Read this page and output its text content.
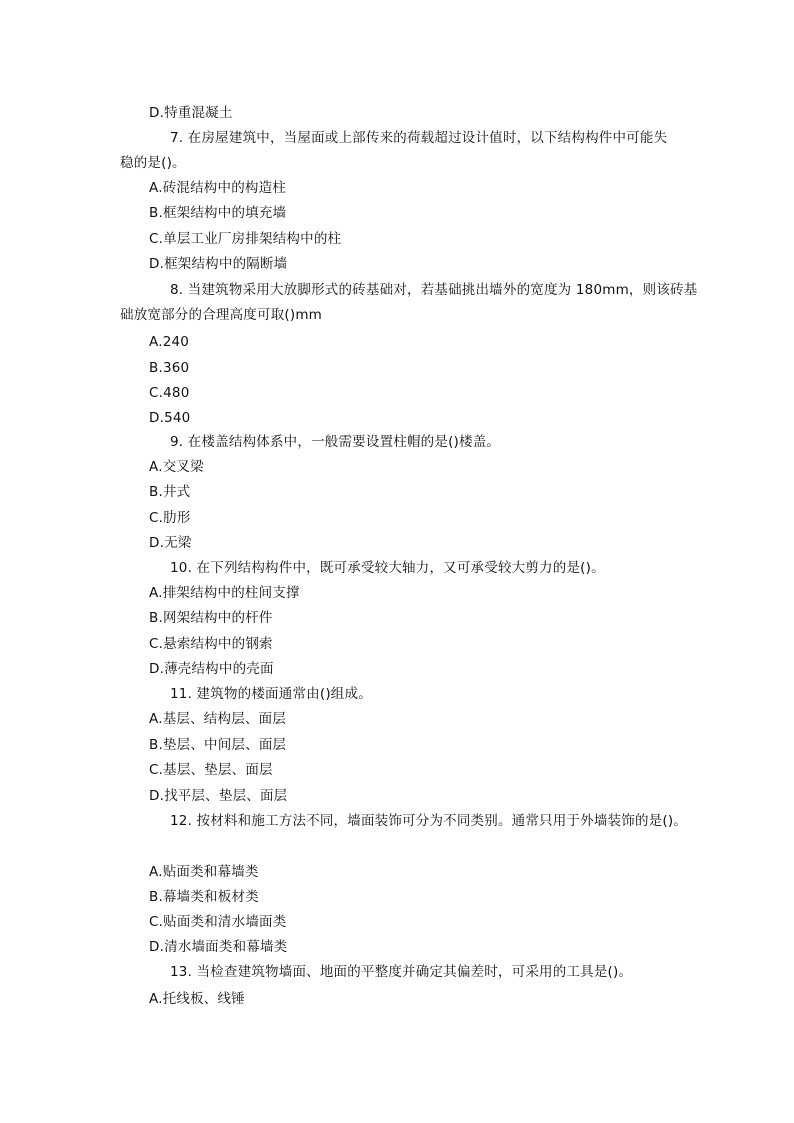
D.特重混凝土
7. 在房屋建筑中，当屋面或上部传来的荷载超过设计值时，以下结构构件中可能失
稳的是()。
A.砖混结构中的构造柱
B.框架结构中的填充墙
C.单层工业厂房排架结构中的柱
D.框架结构中的隔断墙
8. 当建筑物采用大放脚形式的砖基础对，若基础挑出墙外的宽度为 180mm，则该砖基
础放宽部分的合理高度可取()mm
A.240
B.360
C.480
D.540
9. 在楼盖结构体系中，一般需要设置柱帽的是()楼盖。
A.交叉梁
B.井式
C.肋形
D.无梁
10. 在下列结构构件中，既可承受较大轴力，又可承受较大剪力的是()。
A.排架结构中的柱间支撑
B.网架结构中的杆件
C.悬索结构中的钢索
D.薄壳结构中的壳面
11. 建筑物的楼面通常由()组成。
A.基层、结构层、面层
B.垫层、中间层、面层
C.基层、垫层、面层
D.找平层、垫层、面层
12. 按材料和施工方法不同，墙面装饰可分为不同类别。通常只用于外墙装饰的是()。
A.贴面类和幕墙类
B.幕墙类和板材类
C.贴面类和清水墙面类
D.清水墙面类和幕墙类
13. 当检查建筑物墙面、地面的平整度并确定其偏差时，可采用的工具是()。
A.托线板、线锤
